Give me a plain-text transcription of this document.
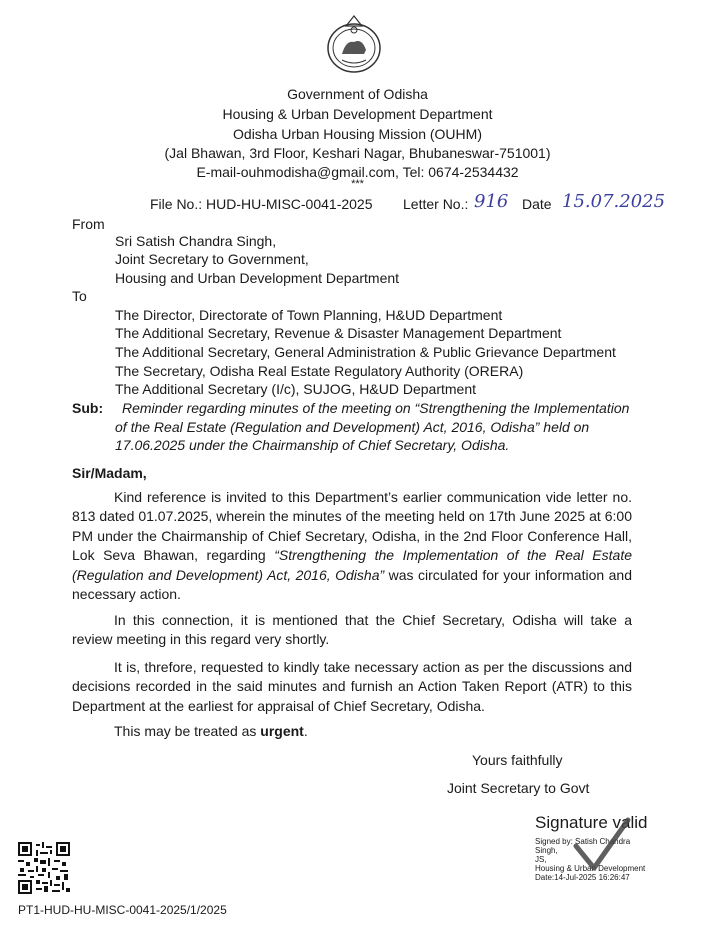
Government of Odisha
Housing & Urban Development Department
Odisha Urban Housing Mission (OUHM)
(Jal Bhawan, 3rd Floor, Keshari Nagar, Bhubaneswar-751001)
E-mail-ouhmodisha@gmail.com, Tel: 0674-2534432
***
File No.: HUD-HU-MISC-0041-2025 Letter No.: 916 Date 15.07.2025
From
Sri Satish Chandra Singh,
Joint Secretary to Government,
Housing and Urban Development Department
To
The Director, Directorate of Town Planning, H&UD Department
The Additional Secretary, Revenue & Disaster Management Department
The Additional Secretary, General Administration & Public Grievance Department
The Secretary, Odisha Real Estate Regulatory Authority (ORERA)
The Additional Secretary (I/c), SUJOG, H&UD Department
Sub: Reminder regarding minutes of the meeting on “Strengthening the Implementation
of the Real Estate (Regulation and Development) Act, 2016, Odisha” held on
17.06.2025 under the Chairmanship of Chief Secretary, Odisha.
Sir/Madam,
Kind reference is invited to this Department’s earlier communication vide letter no. 813 dated 01.07.2025, wherein the minutes of the meeting held on 17th June 2025 at 6:00 PM under the Chairmanship of Chief Secretary, Odisha, in the 2nd Floor Conference Hall, Lok Seva Bhawan, regarding “Strengthening the Implementation of the Real Estate (Regulation and Development) Act, 2016, Odisha” was circulated for your information and necessary action.
In this connection, it is mentioned that the Chief Secretary, Odisha will take a review meeting in this regard very shortly.
It is, threfore, requested to kindly take necessary action as per the discussions and decisions recorded in the said minutes and furnish an Action Taken Report (ATR) to this Department at the earliest for appraisal of Chief Secretary, Odisha.
This may be treated as urgent.
Yours faithfully
Joint Secretary to Govt
Signature valid
Signed by: Satish Chandra
Singh,
JS,
Housing & Urban Development
Date:14-Jul-2025 16:26:47
PT1-HUD-HU-MISC-0041-2025/1/2025
